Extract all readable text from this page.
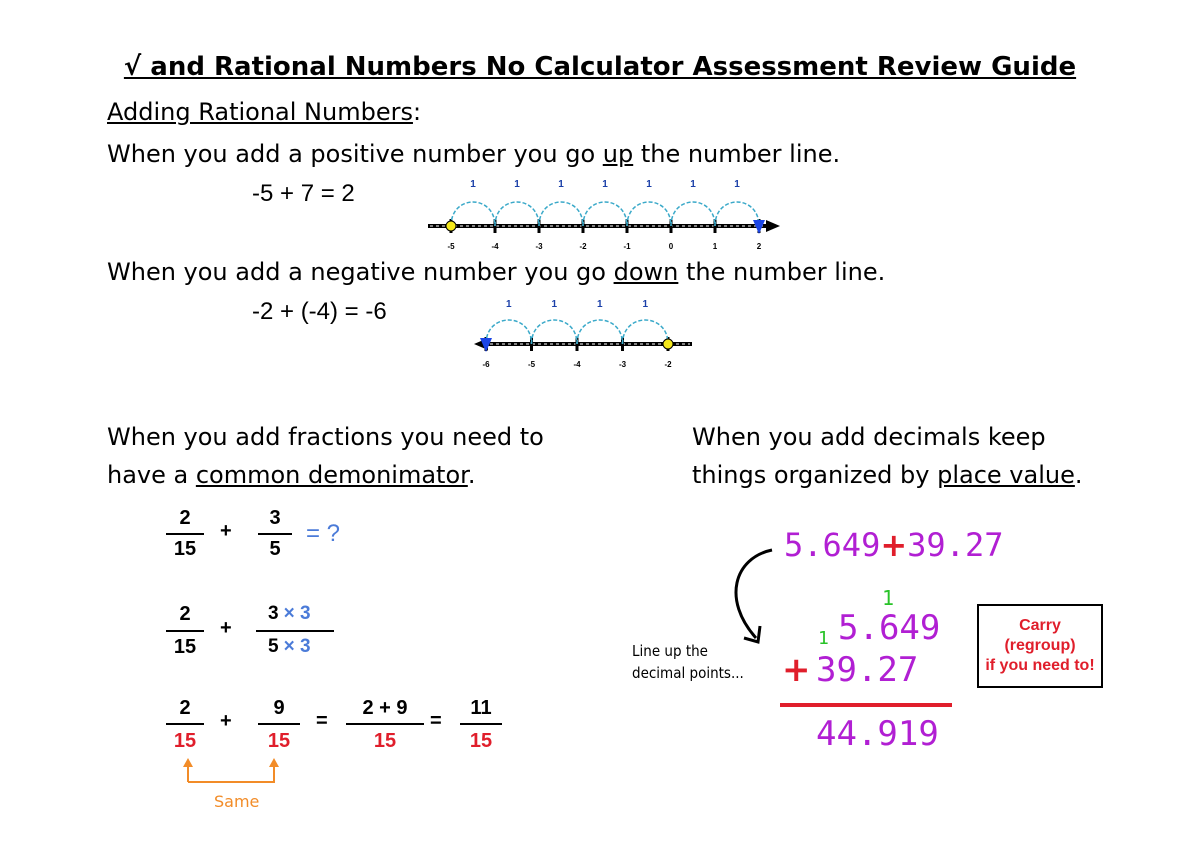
√ and Rational Numbers No Calculator Assessment Review Guide
Adding Rational Numbers:
When you add a positive number you go up the number line.
-5 + 7 = 2
-5	-4	-3	-2	-1	0	1	2
1	1	1	1	1	1	1
When you add a negative number you go down the number line.
-2 + (-4) = -6
-6	-5	-4	-3	-2
1	1	1	1
When you add fractions you need to
have a common demonimator.
When you add decimals keep
things organized by place value.
2
15
+
3
5
= ?
2
15
+
3 × 3
5 × 3
2
15
+
9
15
=
2 + 9
15
=
11
15
Same
5.649+39.27
Line up the
decimal points...
1
1 5.649
+ 39.27
44.919
Carry
(regroup)
if you need to!
